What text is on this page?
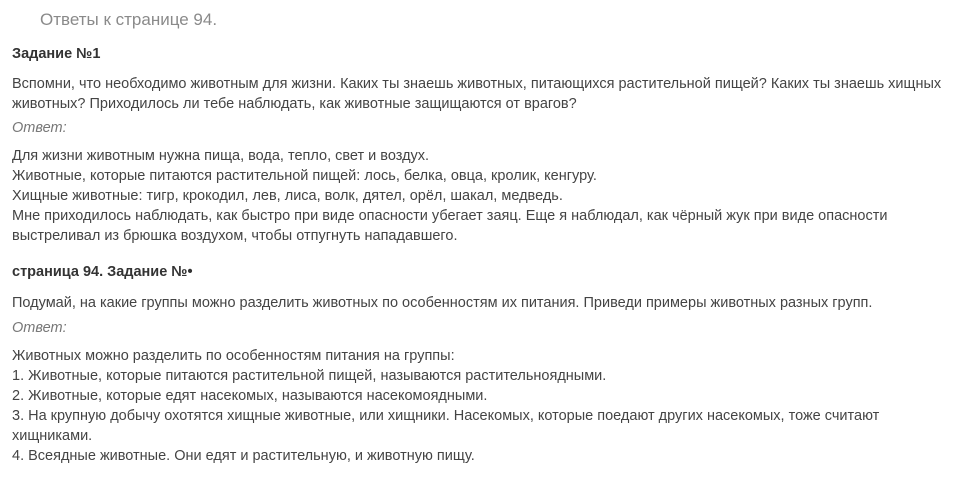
Ответы к странице 94.

Задание №1

Вспомни, что необходимо животным для жизни. Каких ты знаешь животных, питающихся растительной пищей? Каких ты знаешь хищных животных? Приходилось ли тебе наблюдать, как животные защищаются от врагов?

Ответ:

Для жизни животным нужна пища, вода, тепло, свет и воздух.

Животные, которые питаются растительной пищей: лось, белка, овца, кролик, кенгуру.

Хищные животные: тигр, крокодил, лев, лиса, волк, дятел, орёл, шакал, медведь.

Мне приходилось наблюдать, как быстро при виде опасности убегает заяц. Еще я наблюдал, как чёрный жук при виде опасности выстреливал из брюшка воздухом, чтобы отпугнуть нападавшего.

страница 94. Задание №•

Подумай, на какие группы можно разделить животных по особенностям их питания. Приведи примеры животных разных групп.

Ответ:

Животных можно разделить по особенностям питания на группы:

1. Животные, которые питаются растительной пищей, называются растительноядными.

2. Животные, которые едят насекомых, называются насекомоядными.

3. На крупную добычу охотятся хищные животные, или хищники. Насекомых, которые поедают других насекомых, тоже считают хищниками.

4. Всеядные животные. Они едят и растительную, и животную пищу.
